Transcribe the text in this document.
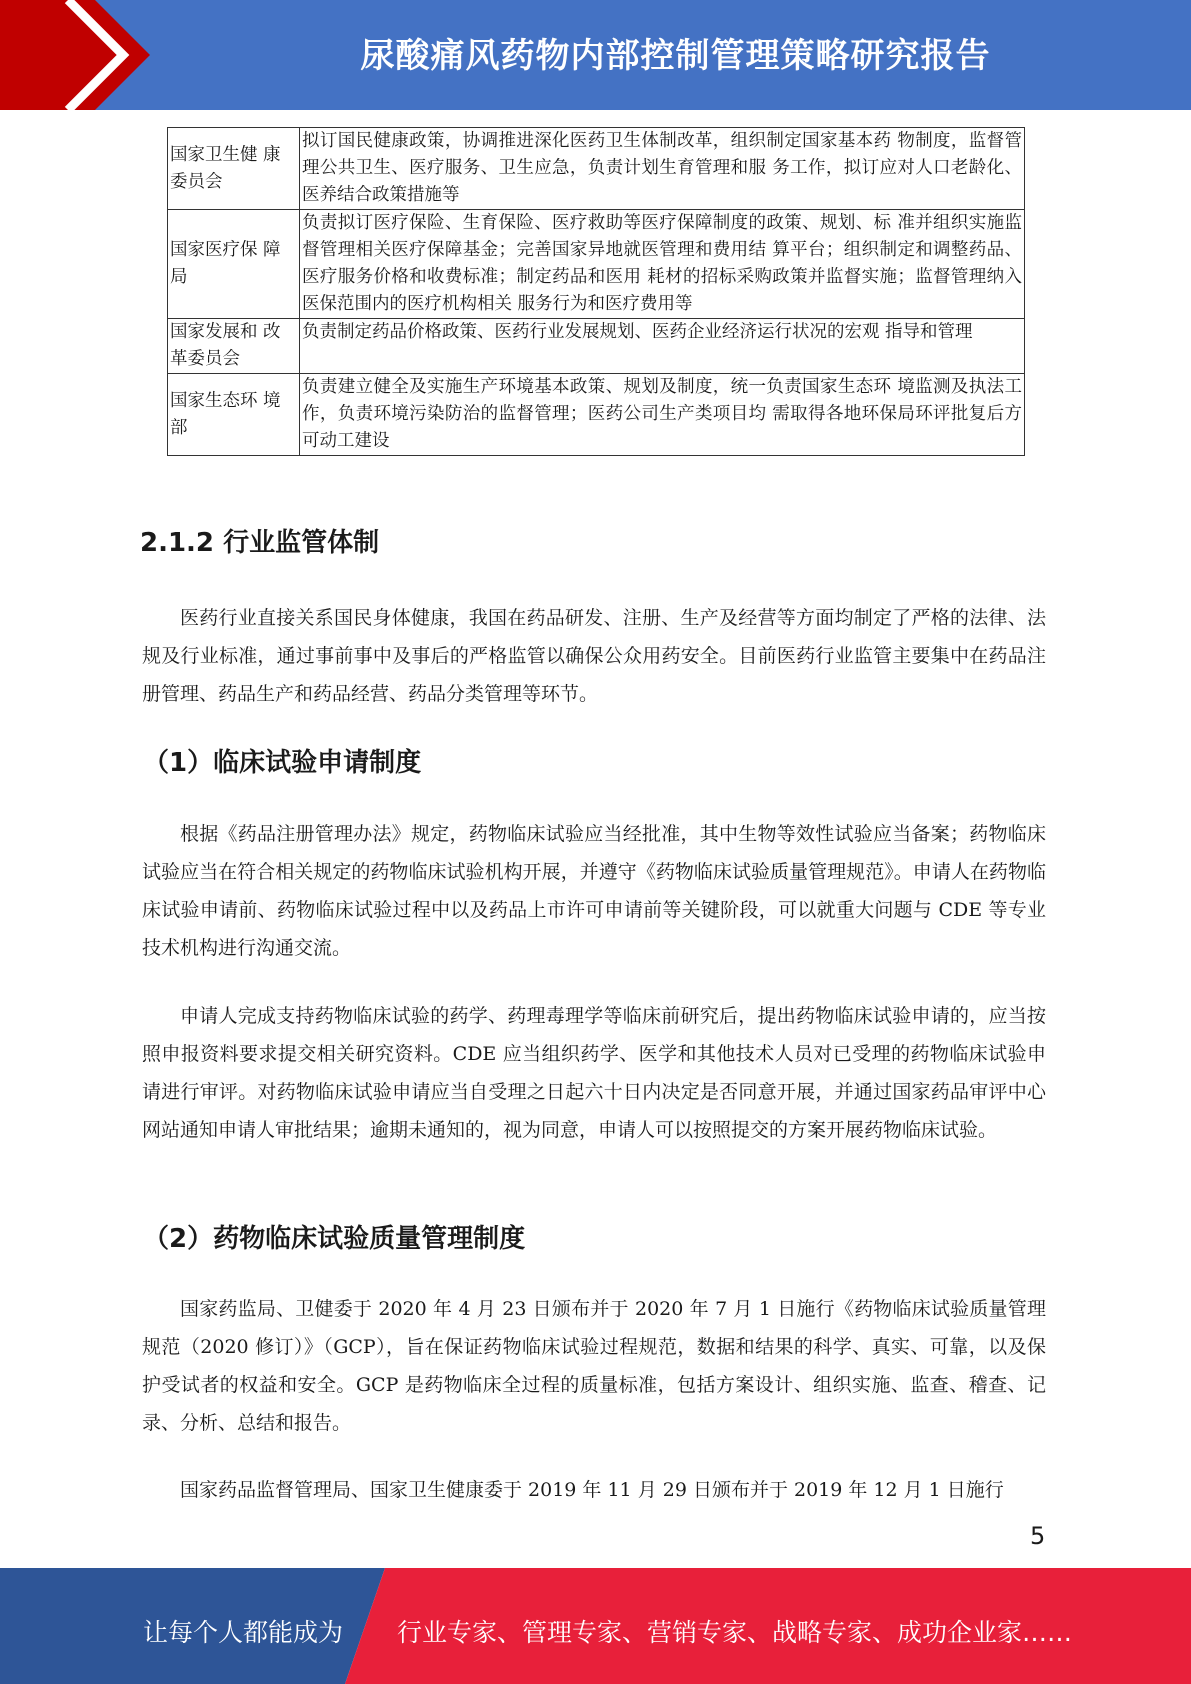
尿酸痛风药物内部控制管理策略研究报告
国家卫生健 康委员会	拟订国民健康政策，协调推进深化医药卫生体制改革，组织制定国家基本药 物制度，监督管理公共卫生、医疗服务、卫生应急，负责计划生育管理和服 务工作，拟订应对人口老龄化、医养结合政策措施等
国家医疗保 障局	负责拟订医疗保险、生育保险、医疗救助等医疗保障制度的政策、规划、标 准并组织实施监督管理相关医疗保障基金；完善国家异地就医管理和费用结 算平台；组织制定和调整药品、医疗服务价格和收费标准；制定药品和医用 耗材的招标采购政策并监督实施；监督管理纳入医保范围内的医疗机构相关 服务行为和医疗费用等
国家发展和 改革委员会	负责制定药品价格政策、医药行业发展规划、医药企业经济运行状况的宏观 指导和管理
国家生态环 境部	负责建立健全及实施生产环境基本政策、规划及制度，统一负责国家生态环 境监测及执法工作，负责环境污染防治的监督管理；医药公司生产类项目均 需取得各地环保局环评批复后方可动工建设
2.1.2 行业监管体制

医药行业直接关系国民身体健康，我国在药品研发、注册、生产及经营等方面均制定了严格的法律、法规及行业标准，通过事前事中及事后的严格监管以确保公众用药安全。目前医药行业监管主要集中在药品注册管理、药品生产和药品经营、药品分类管理等环节。

（1）临床试验申请制度

根据《药品注册管理办法》规定，药物临床试验应当经批准，其中生物等效性试验应当备案；药物临床试验应当在符合相关规定的药物临床试验机构开展，并遵守《药物临床试验质量管理规范》。申请人在药物临床试验申请前、药物临床试验过程中以及药品上市许可申请前等关键阶段，可以就重大问题与 CDE 等专业技术机构进行沟通交流。

申请人完成支持药物临床试验的药学、药理毒理学等临床前研究后，提出药物临床试验申请的，应当按照申报资料要求提交相关研究资料。CDE 应当组织药学、医学和其他技术人员对已受理的药物临床试验申请进行审评。对药物临床试验申请应当自受理之日起六十日内决定是否同意开展，并通过国家药品审评中心网站通知申请人审批结果；逾期未通知的，视为同意，申请人可以按照提交的方案开展药物临床试验。

（2）药物临床试验质量管理制度

国家药监局、卫健委于 2020 年 4 月 23 日颁布并于 2020 年 7 月 1 日施行《药物临床试验质量管理规范（2020 修订）》（GCP），旨在保证药物临床试验过程规范，数据和结果的科学、真实、可靠，以及保护受试者的权益和安全。GCP 是药物临床全过程的质量标准，包括方案设计、组织实施、监查、稽查、记录、分析、总结和报告。

国家药品监督管理局、国家卫生健康委于 2019 年 11 月 29 日颁布并于 2019 年 12 月 1 日施行

5
让每个人都能成为 行业专家、管理专家、营销专家、战略专家、成功企业家……
